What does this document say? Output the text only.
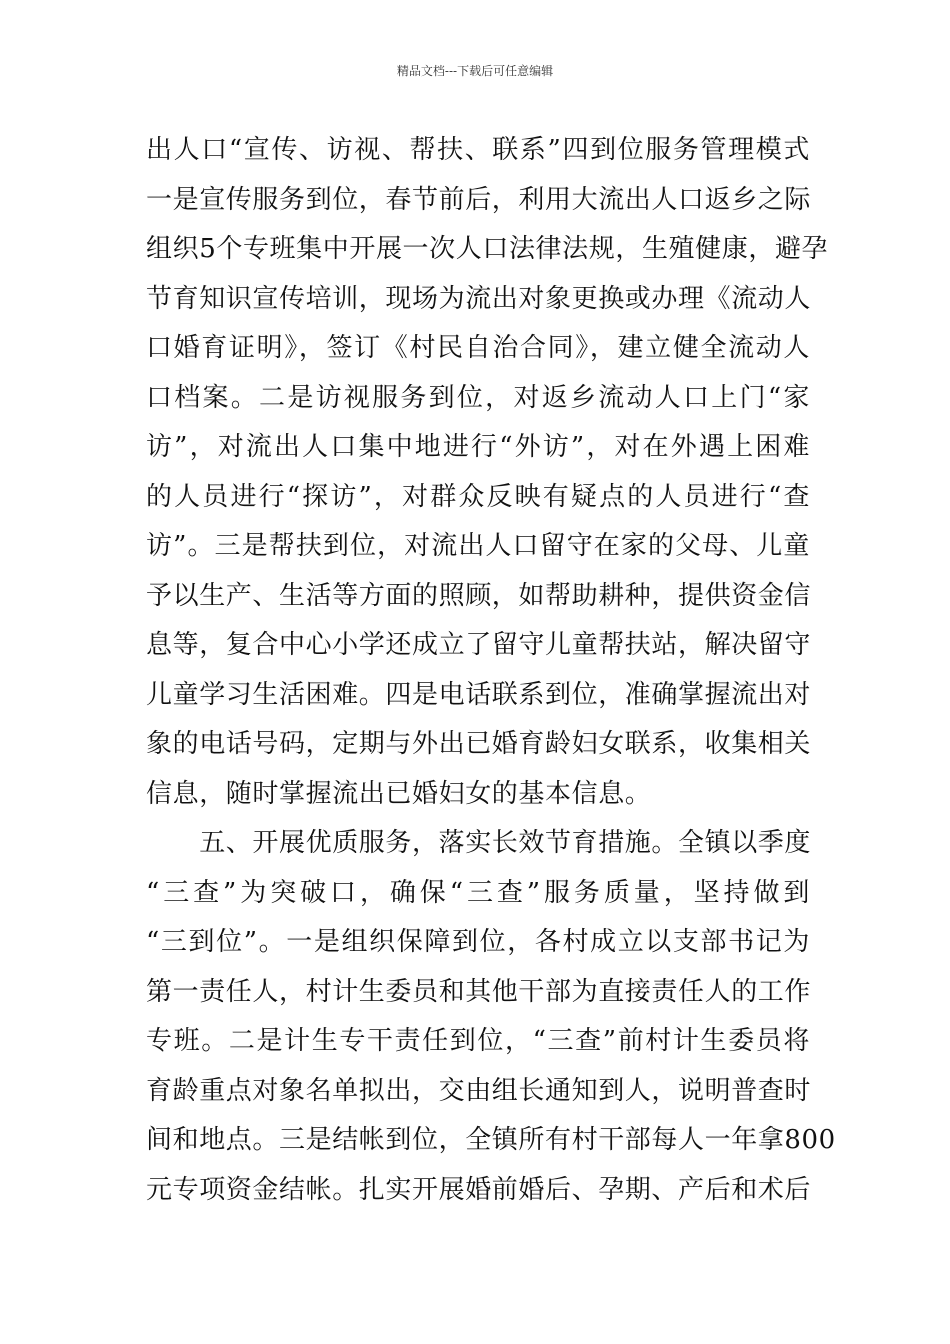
精品文档---下载后可任意编辑
出人口“宣传、访视、帮扶、联系”四到位服务管理模式
一是宣传服务到位，春节前后，利用大流出人口返乡之际
组织5个专班集中开展一次人口法律法规，生殖健康，避孕
节育知识宣传培训，现场为流出对象更换或办理《流动人
口婚育证明》，签订《村民自治合同》，建立健全流动人
口档案。二是访视服务到位，对返乡流动人口上门“家
访”，对流出人口集中地进行“外访”，对在外遇上困难
的人员进行“探访”，对群众反映有疑点的人员进行“查
访”。三是帮扶到位，对流出人口留守在家的父母、儿童
予以生产、生活等方面的照顾，如帮助耕种，提供资金信
息等，复合中心小学还成立了留守儿童帮扶站，解决留守
儿童学习生活困难。四是电话联系到位，准确掌握流出对
象的电话号码，定期与外出已婚育龄妇女联系，收集相关
信息，随时掌握流出已婚妇女的基本信息。
　　五、开展优质服务，落实长效节育措施。全镇以季度
“三查”为突破口，确保“三查”服务质量，坚持做到
“三到位”。一是组织保障到位，各村成立以支部书记为
第一责任人，村计生委员和其他干部为直接责任人的工作
专班。二是计生专干责任到位，“三查”前村计生委员将
育龄重点对象名单拟出，交由组长通知到人，说明普查时
间和地点。三是结帐到位，全镇所有村干部每人一年拿800
元专项资金结帐。扎实开展婚前婚后、孕期、产后和术后
